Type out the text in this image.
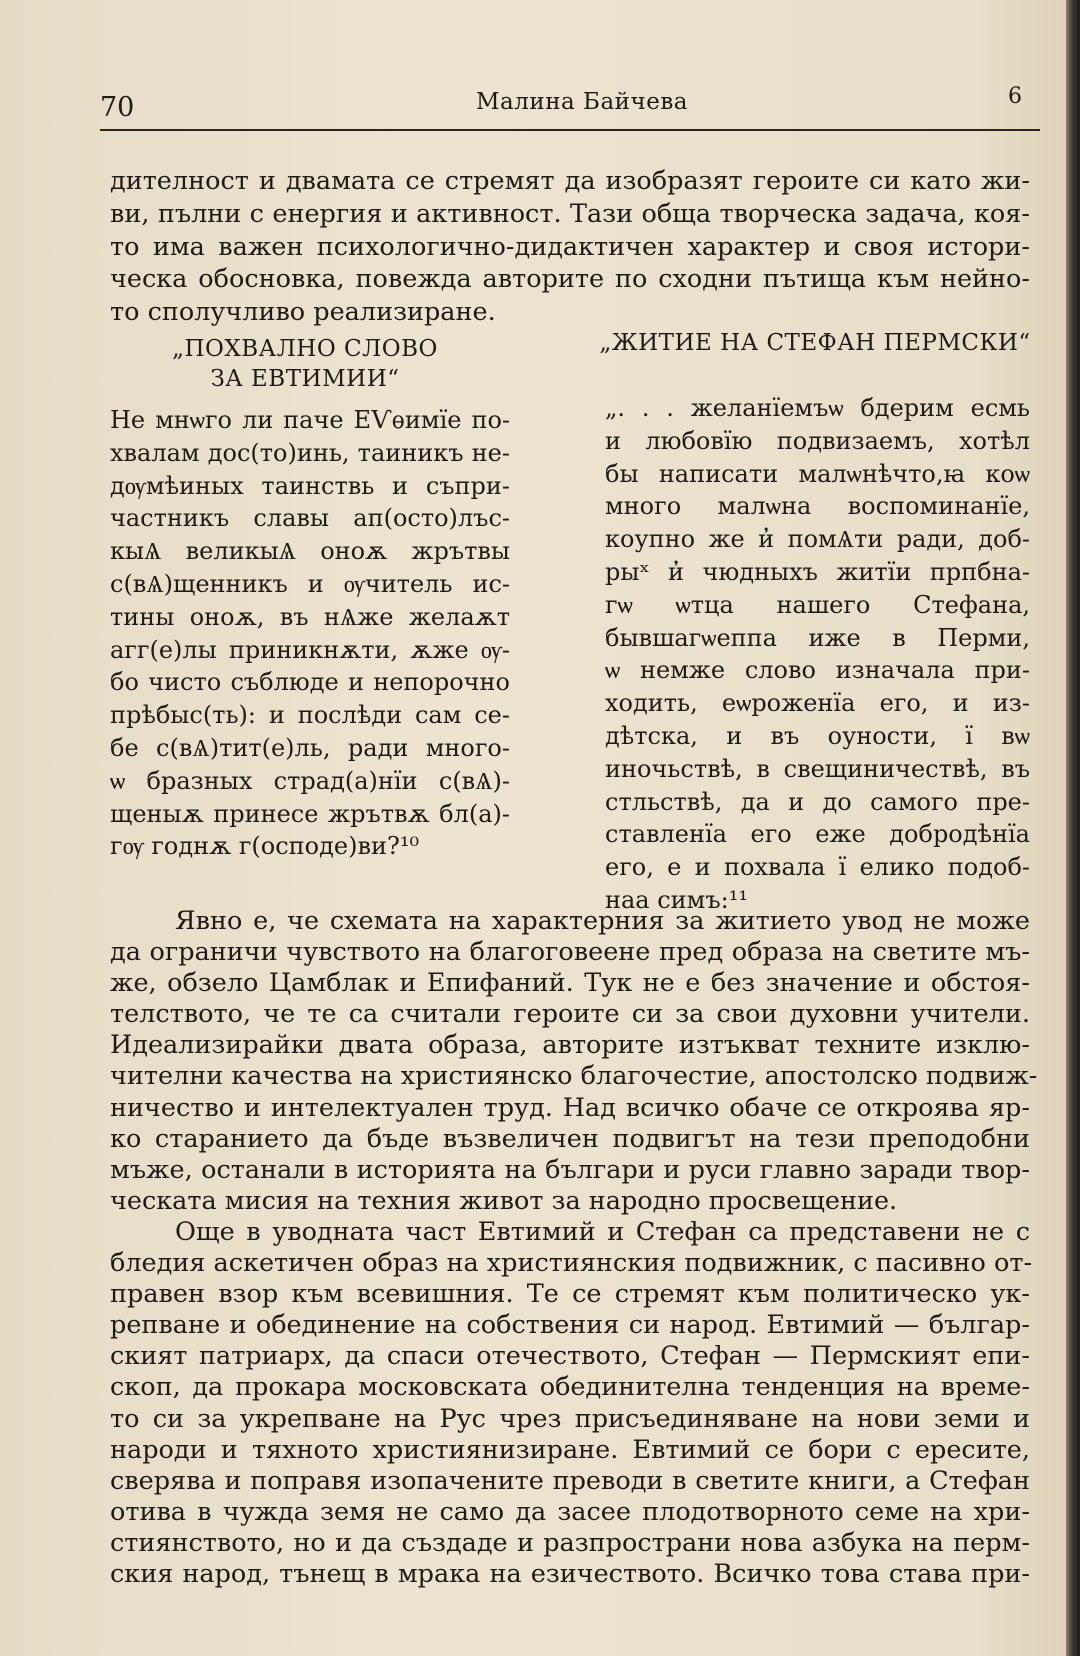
70	Малина Байчева	6
дителност и двамата се стремят да изобразят героите си като жи-
ви, пълни с енергия и активност. Тази обща творческа задача, коя-
то има важен психологично-дидактичен характер и своя истори-
ческа обосновка, повежда авторите по сходни пътища към нейно-
то сполучливо реализиране.
„ПОХВАЛНО СЛОВО
ЗА ЕВТИМИИ“
„ЖИТИЕ НА СТЕФАН ПЕРМСКИ“
Не мнѡго ли паче ЕѴѳимїе по-
хвалам дос(то)инь, таиникъ не-
дѹмѣиных таинствь и съпри-
частникъ славы ап(осто)лъс-
кыѦ великыѦ оноѫ жрътвы
с(вѦ)щенникъ и ѹчитель ис-
тины оноѫ, въ нѦже желаѫт
агг(е)лы приникнѫти, ѫже ѹ-
бо чисто съблюде и непорочно
прѣбыс(ть): и послѣди сам се-
бе с(вѦ)тит(е)ль, ради много-
ѡ бразных страд(а)нїи с(вѦ)-
щеныѫ принесе жрътвѫ бл(а)-
гѹ годнѫ г(осподе)ви?¹⁰
„. . . желанїемъѡ бдерим есмь
и любовїю подвизаемъ, хотѣл
бы написати малѡнѣчто,ꙗ коѡ
много малѡна воспоминанїе,
коупно же и̓ помѦти ради, доб-
рыˣ и̓ чюдныхъ житїи прпбна-
гѡ ѡтца нашего Стефана,
бывшагѡеппа иже в Перми,
ѡ немже слово изначала при-
ходить, еѡроженїа его, и из-
дѣтска, и въ оуности, ї вѡ
иночьствѣ, в свещиничествѣ, въ
стльствѣ, да и до самого пре-
ставленїа его еже добродѣнїа
его, е и похвала ї елико подоб-
наа симъ:¹¹
Явно е, че схемата на характерния за житието увод не може
да ограничи чувството на благоговеене пред образа на светите мъ-
же, обзело Цамблак и Епифаний. Тук не е без значение и обстоя-
телството, че те са считали героите си за свои духовни учители.
Идеализирайки двата образа, авторите изтъкват техните изклю-
чителни качества на християнско благочестие, апостолско подвиж-
ничество и интелектуален труд. Над всичко обаче се откроява яр-
ко старанието да бъде възвеличен подвигът на тези преподобни
мъже, останали в историята на българи и руси главно заради твор-
ческата мисия на техния живот за народно просвещение.
Още в уводната част Евтимий и Стефан са представени не с
бледия аскетичен образ на християнския подвижник, с пасивно от-
правен взор към всевишния. Те се стремят към политическо ук-
репване и обединение на собствения си народ. Евтимий — българ-
ският патриарх, да спаси отечеството, Стефан — Пермският епи-
скоп, да прокара московската обединителна тенденция на време-
то си за укрепване на Рус чрез присъединяване на нови земи и
народи и тяхното християнизиране. Евтимий се бори с ересите,
сверява и поправя изопачените преводи в светите книги, а Стефан
отива в чужда земя не само да засее плодотворното семе на хри-
стиянството, но и да създаде и разпространи нова азбука на перм-
ския народ, тънещ в мрака на езичеството. Всичко това става при-
